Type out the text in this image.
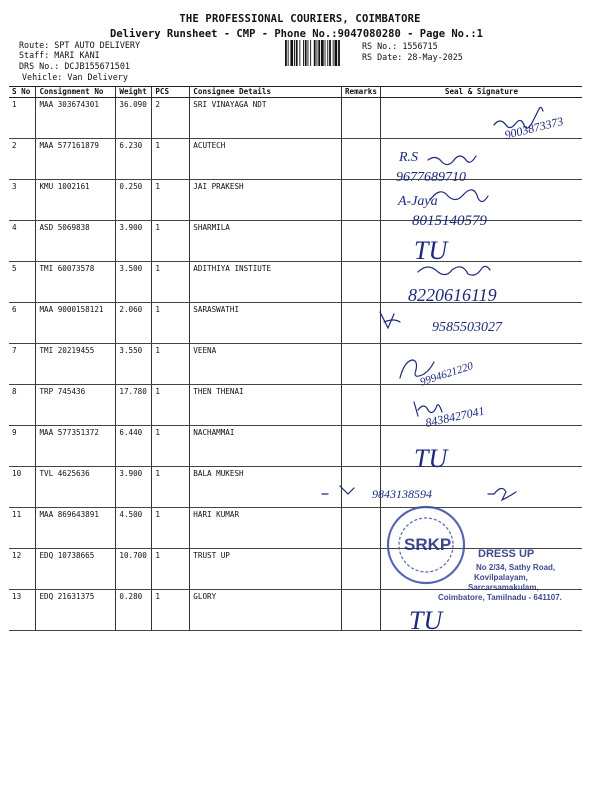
THE PROFESSIONAL COURIERS, COIMBATORE
Delivery Runsheet - CMP - Phone No.:9047080280 - Page No.:1
Route: SPT AUTO DELIVERY
Staff: MARI KANI
DRS No.: DCJB155671501
Vehicle: Van Delivery
RS No.: 1556715
RS Date: 28-May-2025
S No	Consignment No	Weight	PCS	Consignee Details	Remarks	Seal & Signature
1	MAA 303674301	36.090	2	SRI VINAYAGA NDT		
2	MAA 577161879	6.230	1	ACUTECH		
3	KMU 1002161	0.250	1	JAI PRAKESH		
4	ASD 5069838	3.900	1	SHARMILA		
5	TMI 60073578	3.500	1	ADITHIYA INSTIUTE		
6	MAA 9000158121	2.060	1	SARASWATHI		
7	TMI 20219455	3.550	1	VEENA		
8	TRP 745436	17.780	1	THEN THENAI		
9	MAA 577351372	6.440	1	NACHAMMAI		
10	TVL 4625636	3.900	1	BALA MUKESH		
11	MAA 869643891	4.500	1	HARI KUMAR		
12	EDQ 10738665	10.700	1	TRUST UP		
13	EDQ 21631375	0.280	1	GLORY		
9003873373
R.S
9677689710
A-Jaya
8015140579
TU
8220616119
9585503027
9994621220
8438427041
TU
9843138594
TU
SRKP DRESS UP
No 2/34, Sathy Road,
Kovilpalayam,
Sarcarsamakulam,
Coimbatore, Tamilnadu - 641107.
